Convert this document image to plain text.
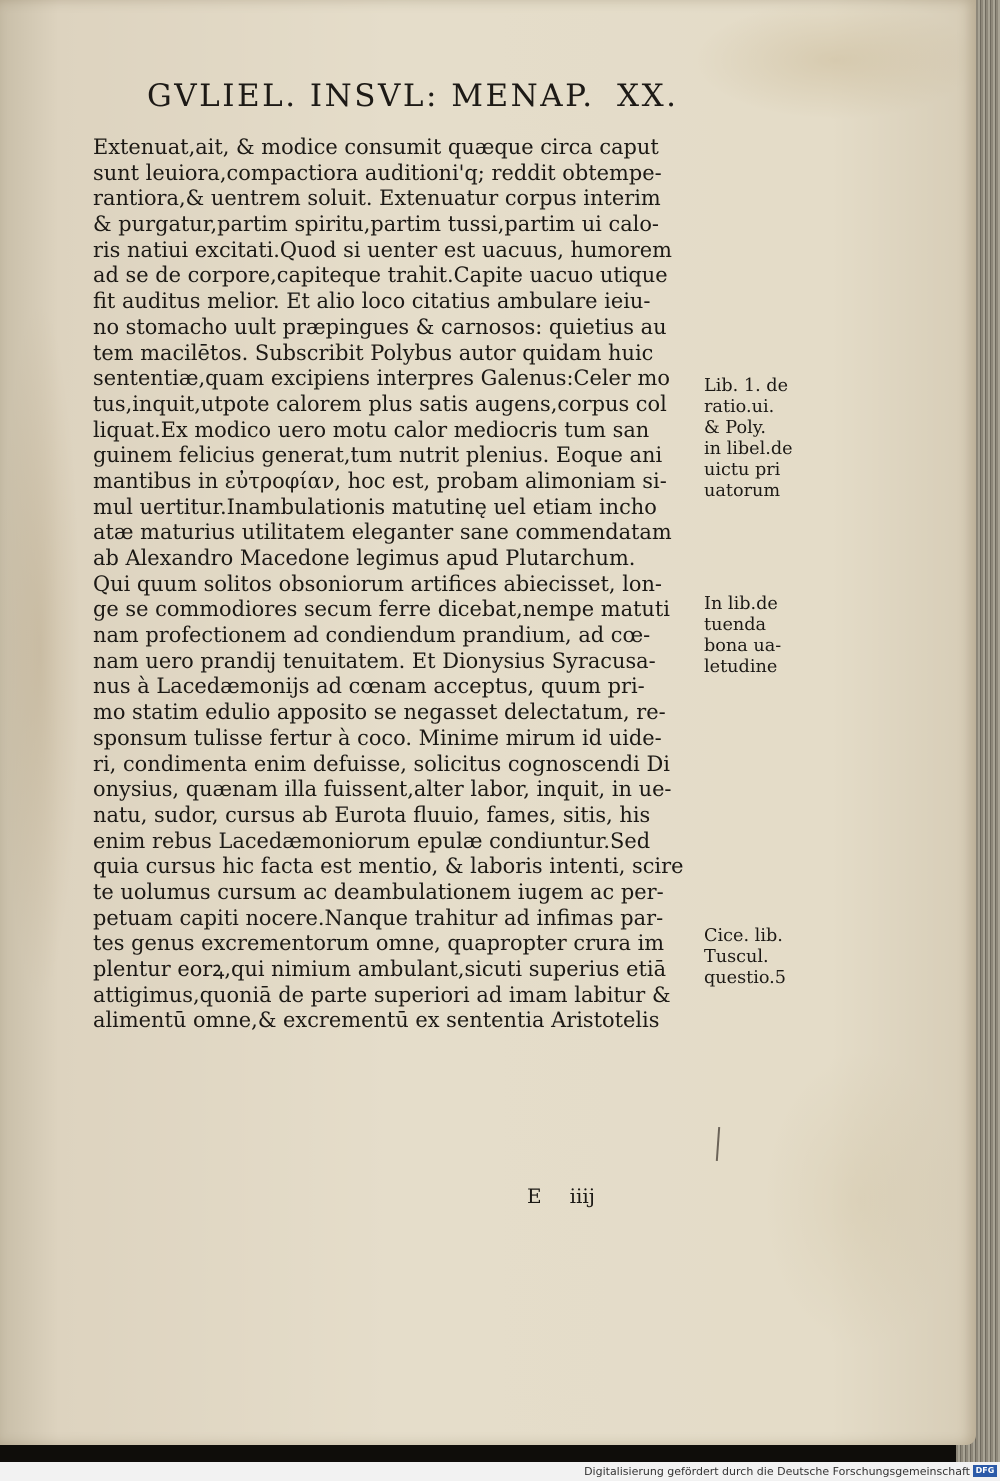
GVLIEL. INSVL: MENAP. XX.
Extenuat,ait, & modice consumit quæque circa caput
sunt leuiora,compactiora auditioni'q; reddit obtempe-
rantiora,& uentrem soluit. Extenuatur corpus interim
& purgatur,partim spiritu,partim tussi,partim ui calo-
ris natiui excitati.Quod si uenter est uacuus, humorem
ad se de corpore,capiteque trahit.Capite uacuo utique
fit auditus melior. Et alio loco citatius ambulare ieiu-
no stomacho uult præpingues & carnosos: quietius au
tem macilētos. Subscribit Polybus autor quidam huic
sententiæ,quam excipiens interpres Galenus:Celer mo
tus,inquit,utpote calorem plus satis augens,corpus col
liquat.Ex modico uero motu calor mediocris tum san
guinem felicius generat,tum nutrit plenius. Eoque ani
mantibus in εὐτροφίαν, hoc est, probam alimoniam si-
mul uertitur.Inambulationis matutinę uel etiam incho
atæ maturius utilitatem eleganter sane commendatam
ab Alexandro Macedone legimus apud Plutarchum.
Qui quum solitos obsoniorum artifices abiecisset, lon-
ge se commodiores secum ferre dicebat,nempe matuti
nam profectionem ad condiendum prandium, ad cœ-
nam uero prandij tenuitatem. Et Dionysius Syracusa-
nus à Lacedæmonijs ad cœnam acceptus, quum pri-
mo statim edulio apposito se negasset delectatum, re-
sponsum tulisse fertur à coco. Minime mirum id uide-
ri, condimenta enim defuisse, solicitus cognoscendi Di
onysius, quænam illa fuissent,alter labor, inquit, in ue-
natu, sudor, cursus ab Eurota fluuio, fames, sitis, his
enim rebus Lacedæmoniorum epulæ condiuntur.Sed
quia cursus hic facta est mentio, & laboris intenti, scire
te uolumus cursum ac deambulationem iugem ac per-
petuam capiti nocere.Nanque trahitur ad infimas par-
tes genus excrementorum omne, quapropter crura im
plentur eorꝝ,qui nimium ambulant,sicuti superius etiā
attigimus,quoniā de parte superiori ad imam labitur &
alimentū omne,& excrementū ex sententia Aristotelis
Lib. 1. de
ratio.ui.
& Poly.
in libel.de
uictu pri
uatorum
In lib.de
tuenda
bona ua-
letudine
Cice. lib.
Tuscul.
questio.5
E iiij
Digitalisierung gefördert durch die Deutsche Forschungsgemeinschaft DFG
